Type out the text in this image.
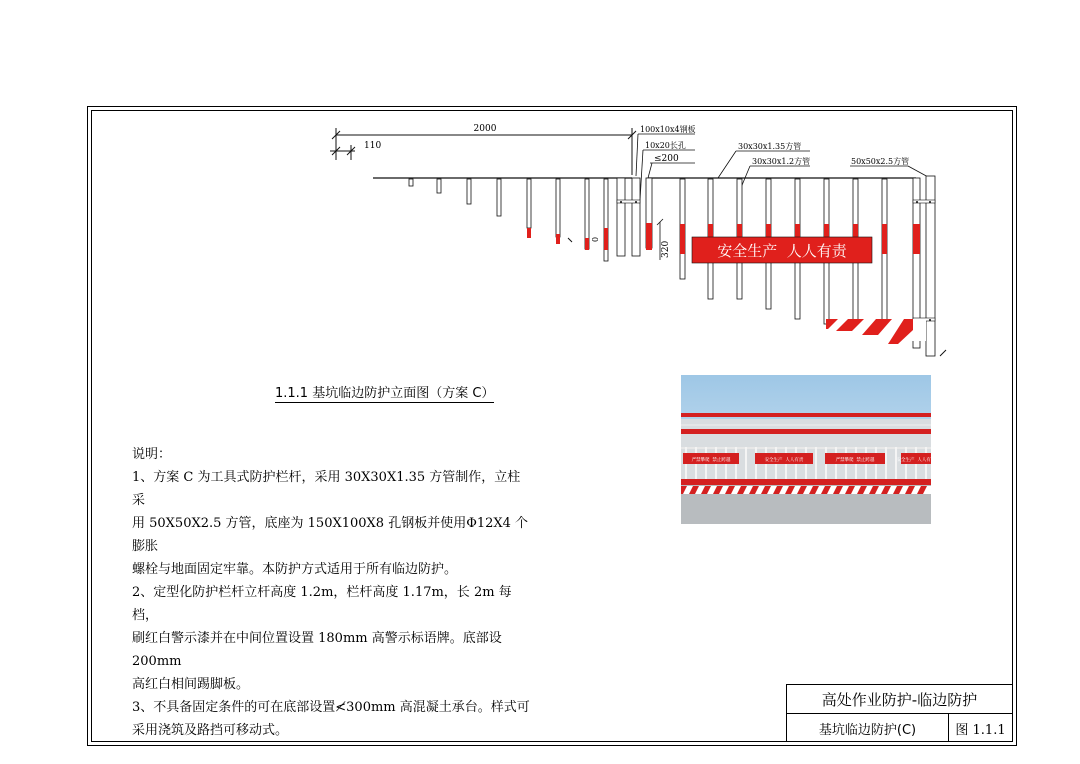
2000
110
100x10x4钢板
10x20长孔
≤200
30x30x1.35方管
30x30x1.2方管	50x50x2.5方管
0
320	安全生产  人人有责
1.1.1 基坑临边防护立面图（方案 C）

说明：

1、方案 C 为工具式防护栏杆，采用 30X30X1.35 方管制作，立柱采

用 50X50X2.5 方管，底座为 150X100X8 孔钢板并使用Φ12X4 个膨胀

螺栓与地面固定牢靠。本防护方式适用于所有临边防护。

2、定型化防护栏杆立杆高度 1.2m，栏杆高度 1.17m，长 2m 每档，

刷红白警示漆并在中间位置设置 180mm 高警示标语牌。底部设 200mm

高红白相间踢脚板。

3、不具备固定条件的可在底部设置≮300mm 高混凝土承台。样式可

采用浇筑及路挡可移动式。

严禁攀爬  禁止跨越	安全生产  人人有责	严禁攀爬  禁止跨越	安全生产  人人有责
高处作业防护-临边防护
基坑临边防护(C)	图 1.1.1
